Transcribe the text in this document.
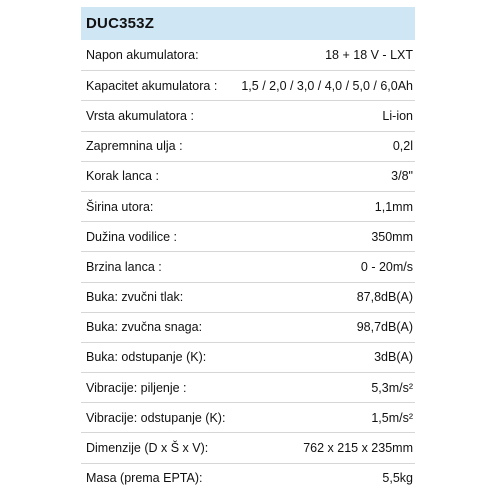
DUC353Z
Napon akumulatora:	18 + 18 V - LXT
Kapacitet akumulatora : 1,5 / 2,0 / 3,0 / 4,0 / 5,0 / 6,0Ah
Vrsta akumulatora :	Li-ion
Zapremnina ulja :	0,2l
Korak lanca :	3/8"
Širina utora:	1,1mm
Dužina vodilice :	350mm
Brzina lanca :	0 - 20m/s
Buka: zvučni tlak:	87,8dB(A)
Buka: zvučna snaga:	98,7dB(A)
Buka: odstupanje (K):	3dB(A)
Vibracije: piljenje :	5,3m/s²
Vibracije: odstupanje (K):	1,5m/s²
Dimenzije (D x Š x V):	762 x 215 x 235mm
Masa (prema EPTA):	5,5kg
